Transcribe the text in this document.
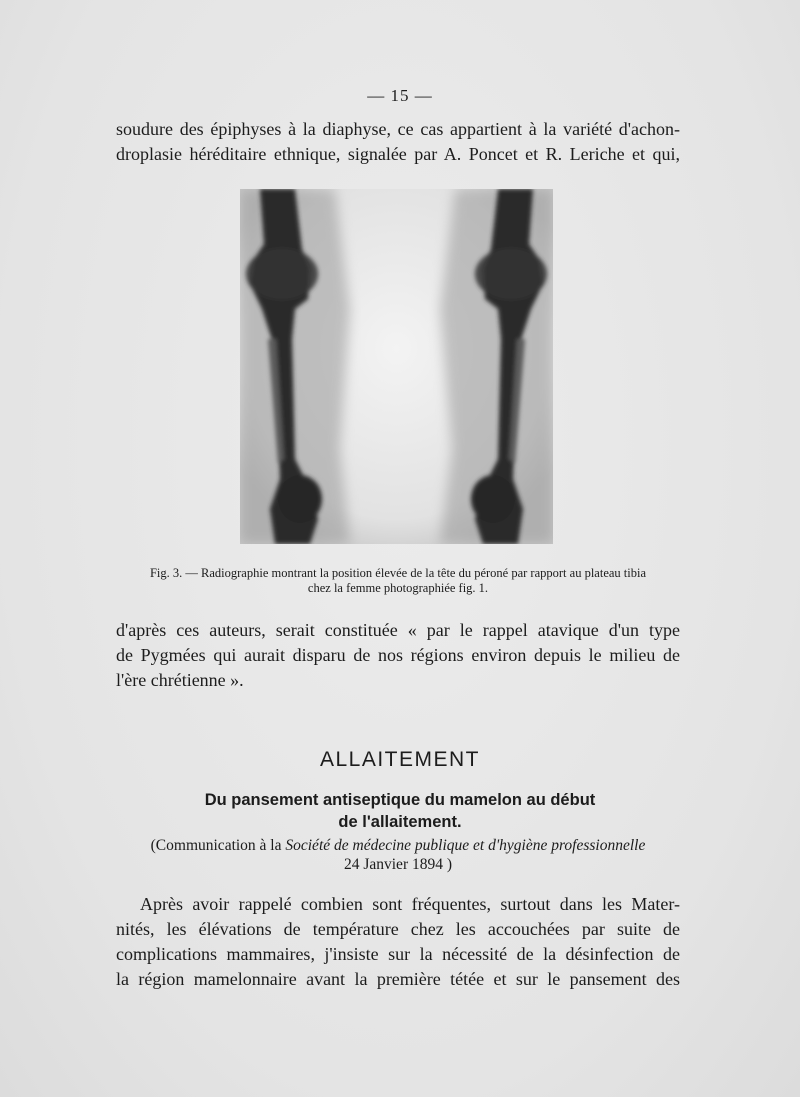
— 15 —
soudure des épiphyses à la diaphyse, ce cas appartient à la variété d'achon-
droplasie héréditaire ethnique, signalée par A. Poncet et R. Leriche et qui,
Fig. 3. — Radiographie montrant la position élevée de la tête du péroné par rapport au plateau tibia
chez la femme photographiée fig. 1.
d'après ces auteurs, serait constituée « par le rappel atavique d'un type
de Pygmées qui aurait disparu de nos régions environ depuis le milieu de
l'ère chrétienne ».
ALLAITEMENT
Du pansement antiseptique du mamelon au début
de l'allaitement.
(Communication à la Société de médecine publique et d'hygiène professionnelle
24 Janvier 1894 )
Après avoir rappelé combien sont fréquentes, surtout dans les Mater-
nités, les élévations de température chez les accouchées par suite de
complications mammaires, j'insiste sur la nécessité de la désinfection de
la région mamelonnaire avant la première tétée et sur le pansement des
